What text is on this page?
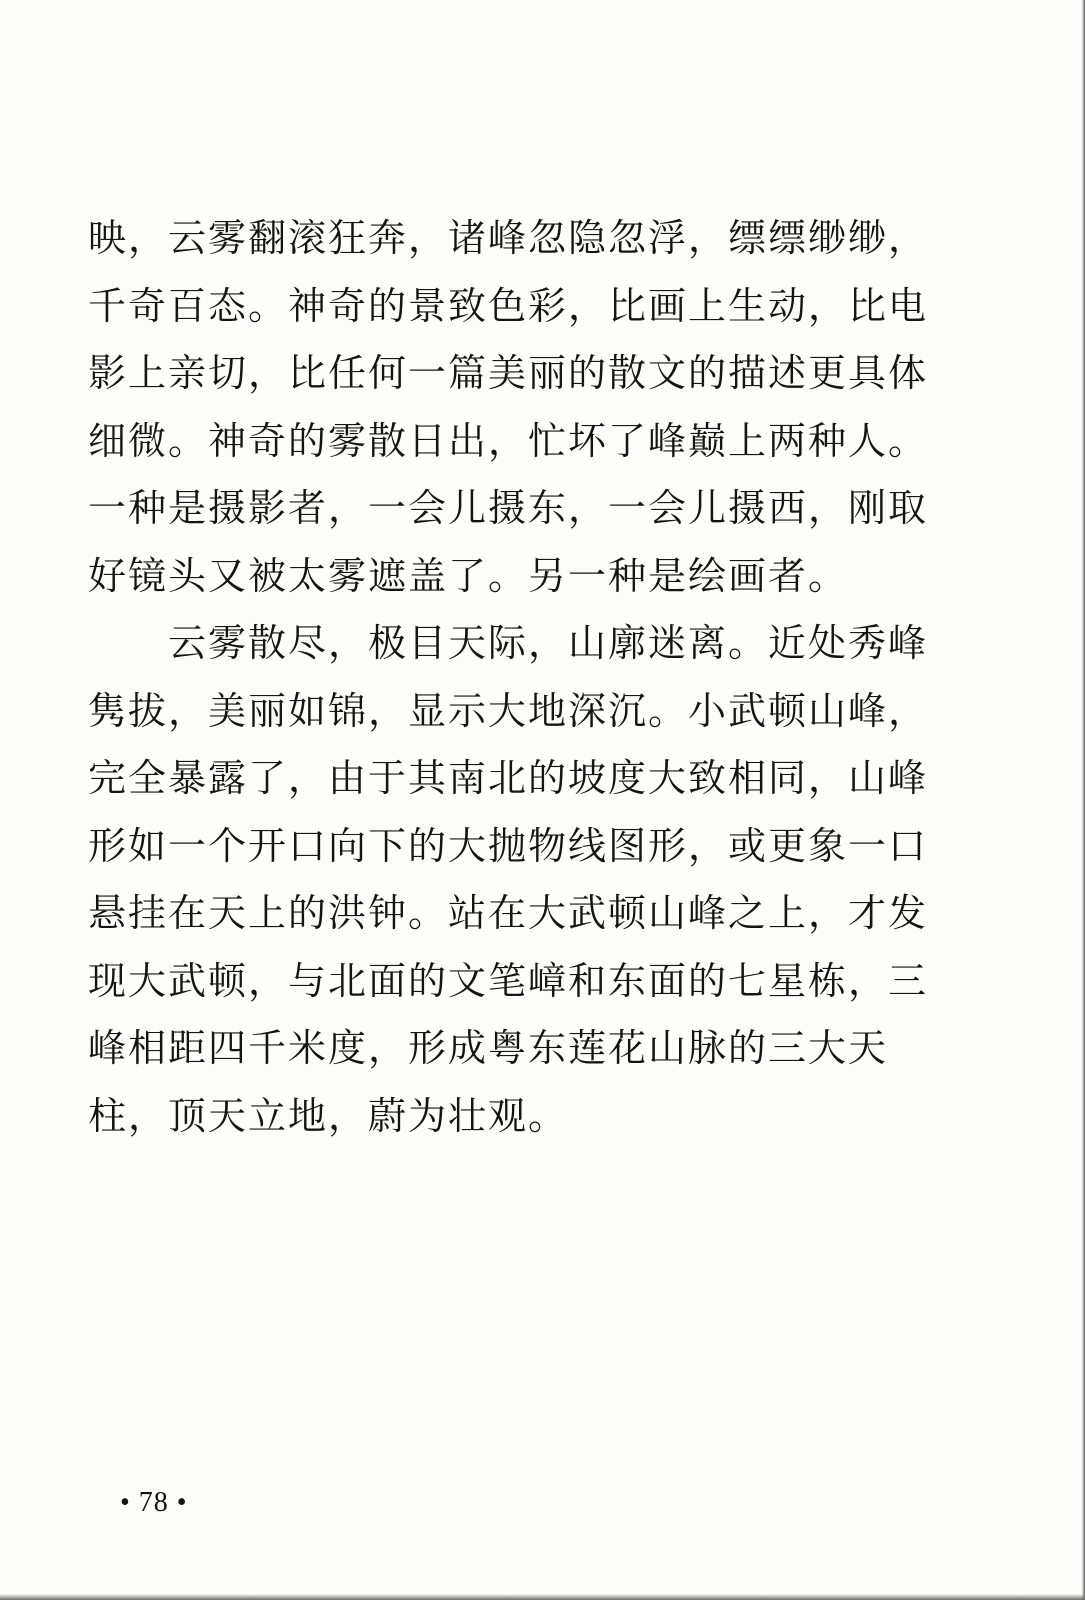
映，云雾翻滚狂奔，诸峰忽隐忽浮，缥缥缈缈，
千奇百态。神奇的景致色彩，比画上生动，比电
影上亲切，比任何一篇美丽的散文的描述更具体
细微。神奇的雾散日出，忙坏了峰巅上两种人。
一种是摄影者，一会儿摄东，一会儿摄西，刚取
好镜头又被太雾遮盖了。另一种是绘画者。
云雾散尽，极目天际，山廓迷离。近处秀峰
隽拔，美丽如锦，显示大地深沉。小武顿山峰，
完全暴露了，由于其南北的坡度大致相同，山峰
形如一个开口向下的大抛物线图形，或更象一口
悬挂在天上的洪钟。站在大武顿山峰之上，才发
现大武顿，与北面的文笔嶂和东面的七星栋，三
峰相距四千米度，形成粤东莲花山脉的三大天
柱，顶天立地，蔚为壮观。
• 78 •
